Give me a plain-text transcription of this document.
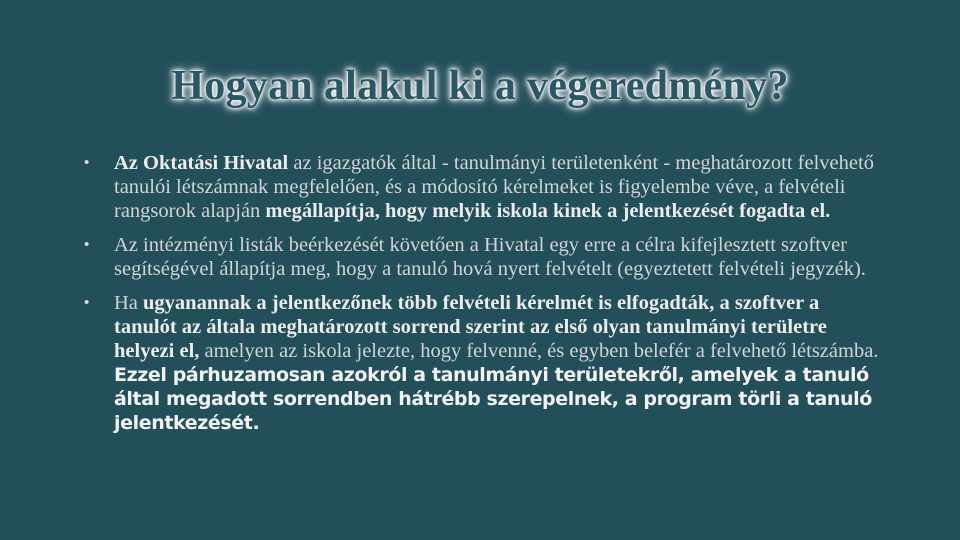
Hogyan alakul ki a végeredmény?
• Az Oktatási Hivatal az igazgatók által - tanulmányi területenként - meghatározott felvehető tanulói létszámnak megfelelően, és a módosító kérelmeket is figyelembe véve, a felvételi rangsorok alapján megállapítja, hogy melyik iskola kinek a jelentkezését fogadta el.
• Az intézményi listák beérkezését követően a Hivatal egy erre a célra kifejlesztett szoftver segítségével állapítja meg, hogy a tanuló hová nyert felvételt (egyeztetett felvételi jegyzék).
• Ha ugyanannak a jelentkezőnek több felvételi kérelmét is elfogadták, a szoftver a tanulót az általa meghatározott sorrend szerint az első olyan tanulmányi területre helyezi el, amelyen az iskola jelezte, hogy felvenné, és egyben belefér a felvehető létszámba. Ezzel párhuzamosan azokról a tanulmányi területekről, amelyek a tanuló által megadott sorrendben hátrébb szerepelnek, a program törli a tanuló jelentkezését.
